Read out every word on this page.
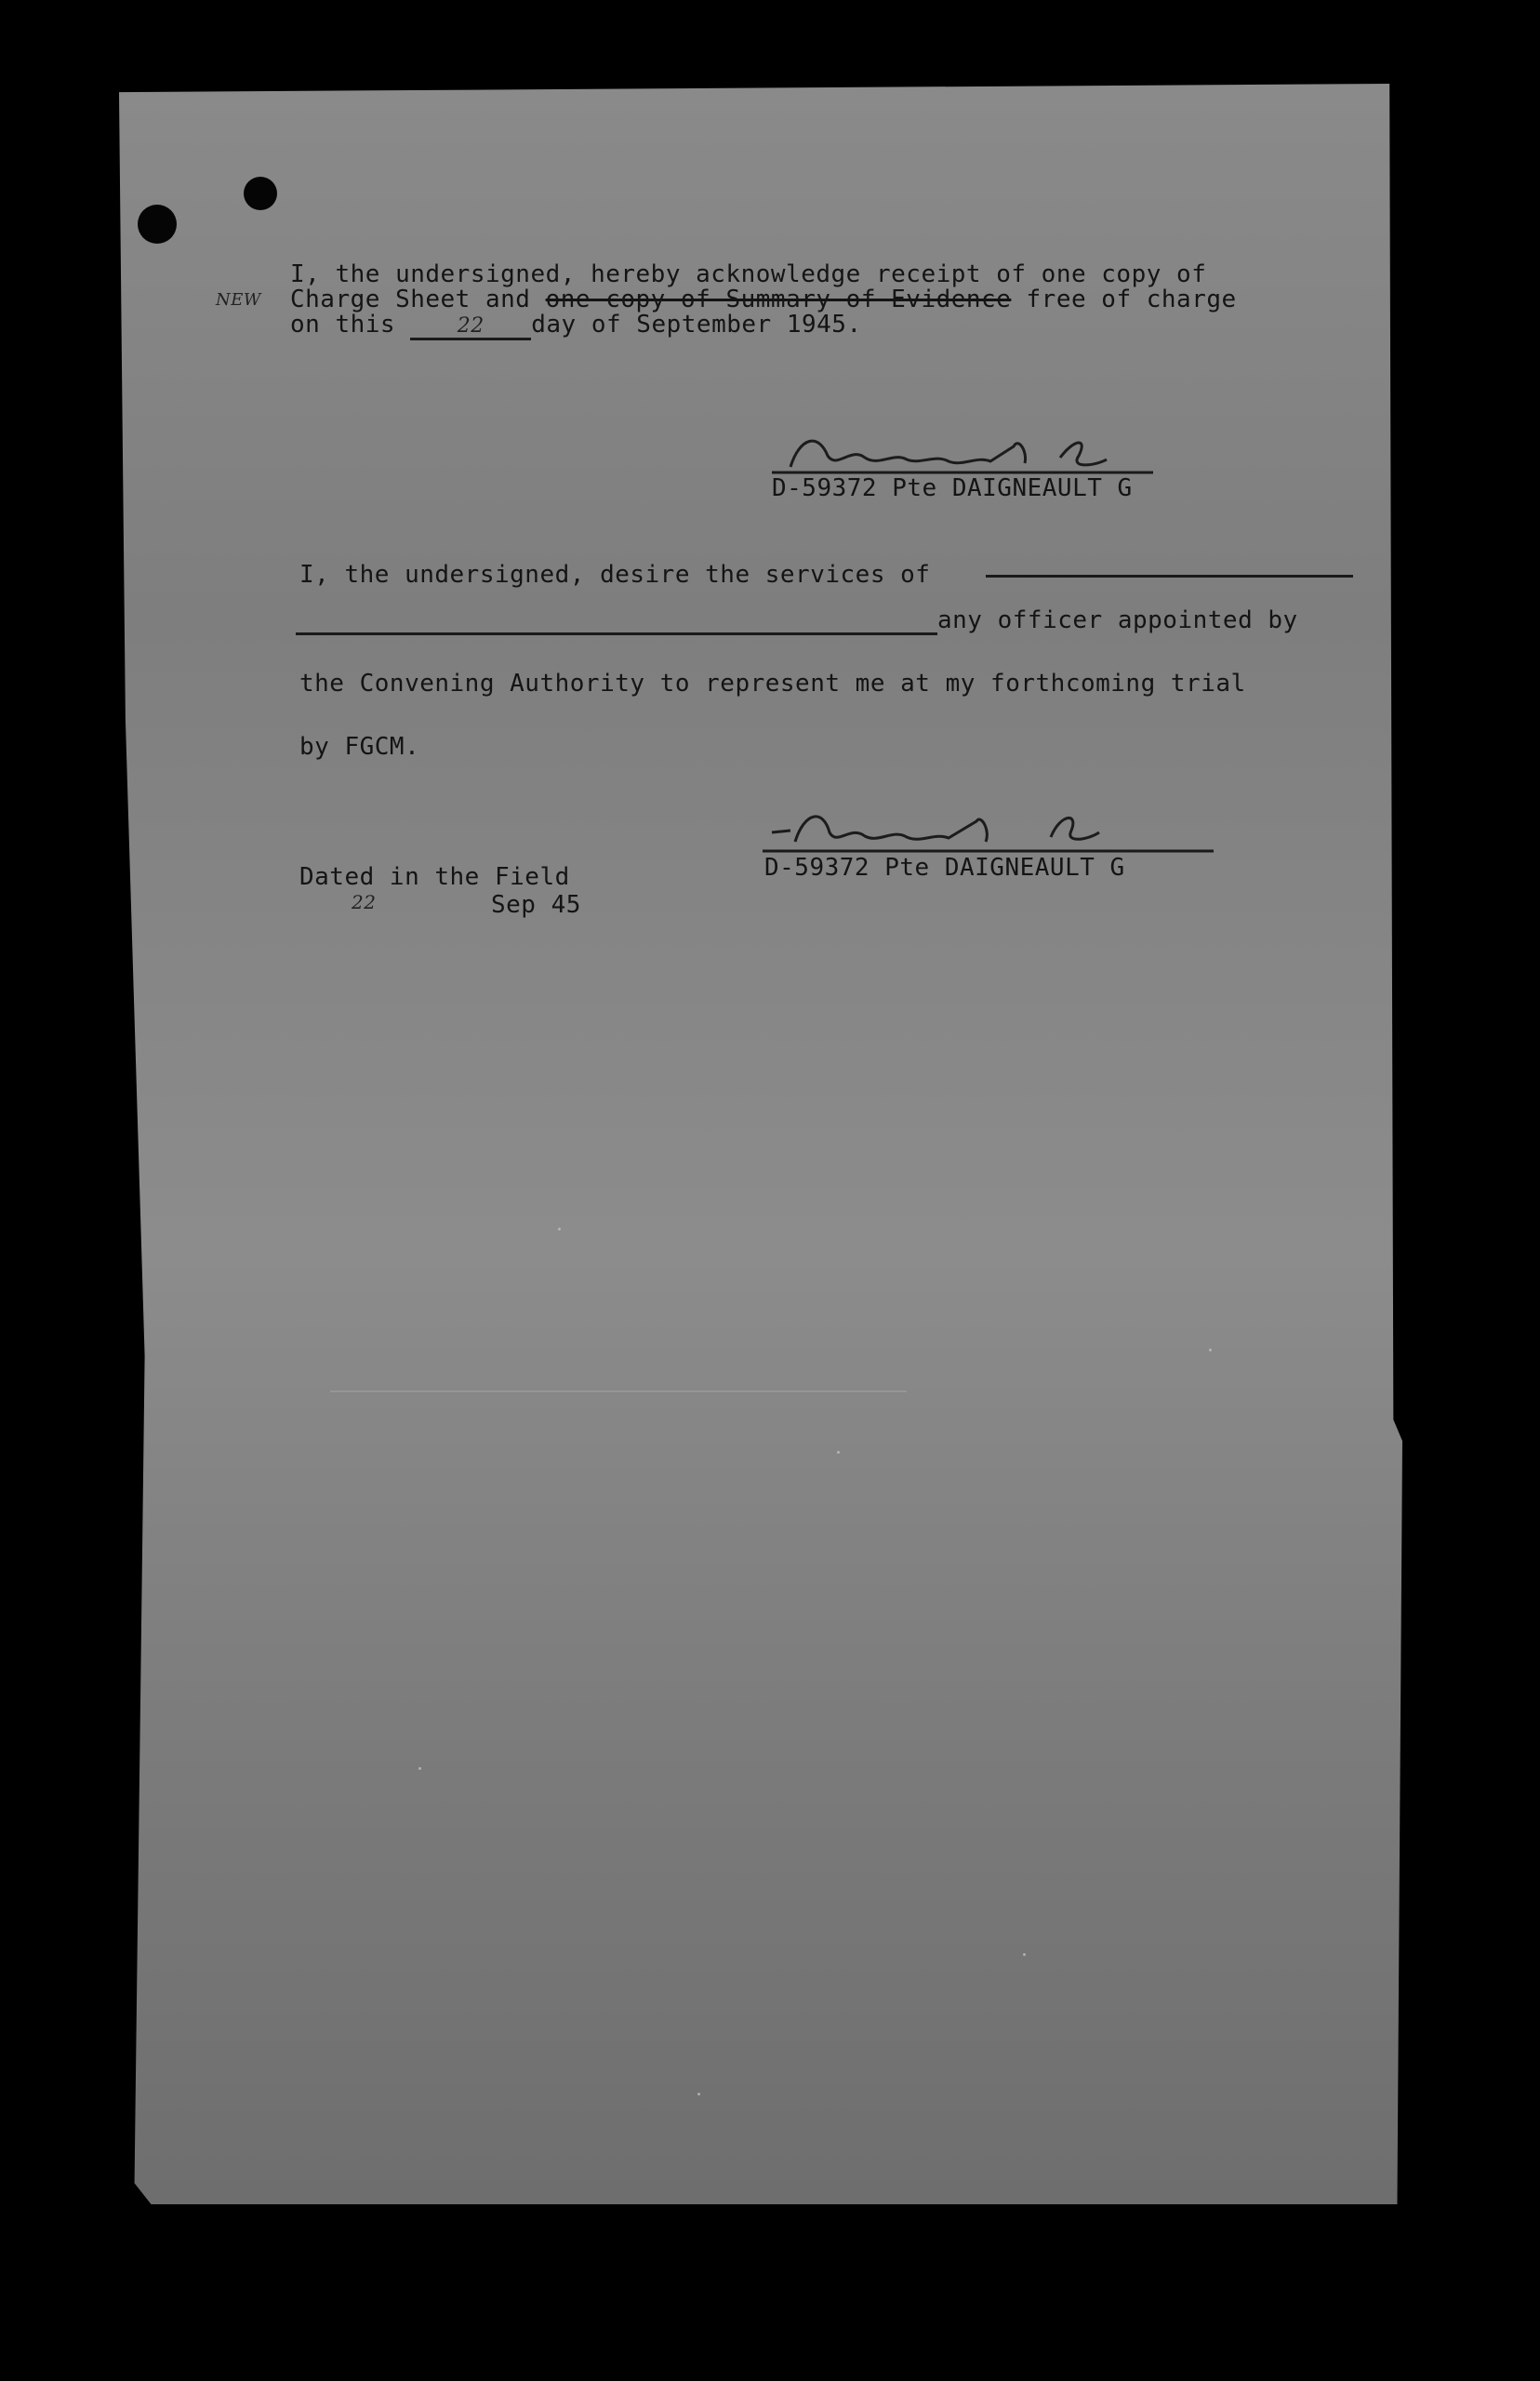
I, the undersigned, hereby acknowledge receipt of one copy of
NEW Charge Sheet and one copy of Summary of Evidence free of charge
on this 22 day of September 1945.
D-59372 Pte DAIGNEAULT G
I, the undersigned, desire the services of
any officer appointed by
the Convening Authority to represent me at my forthcoming trial
by FGCM.
Dated in the Field
22	Sep 45
D-59372 Pte DAIGNEAULT G
